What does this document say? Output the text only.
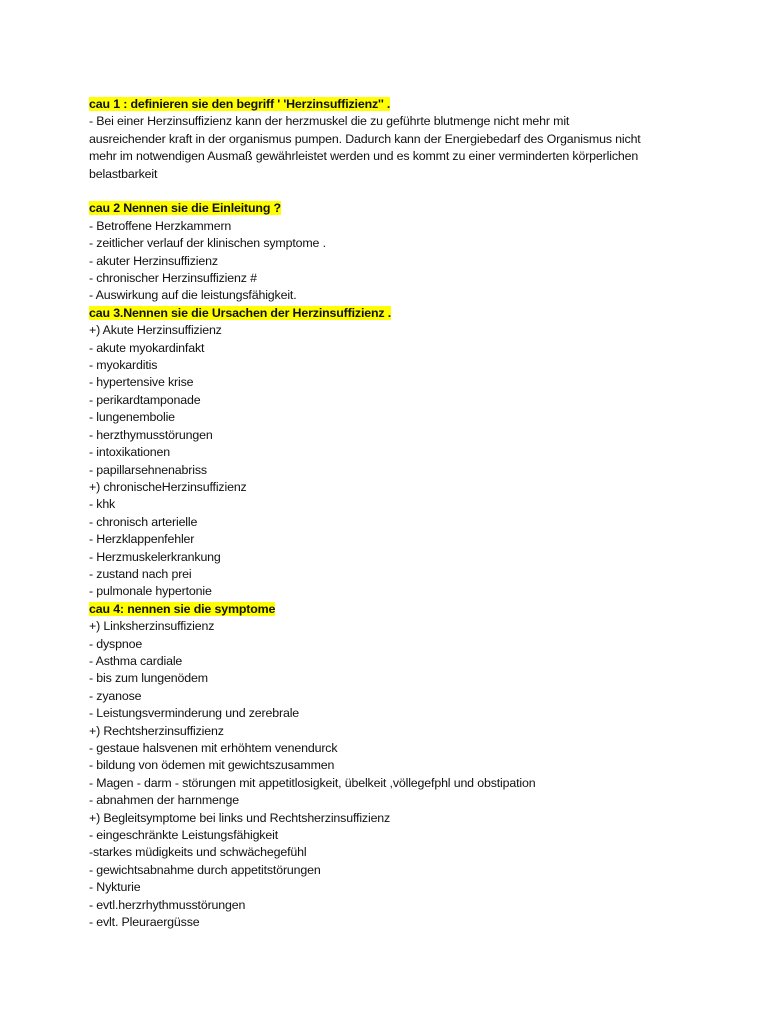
cau 1 : definieren sie den begriff ' 'Herzinsuffizienz'' .
- Bei einer Herzinsuffizienz kann der herzmuskel die zu geführte blutmenge nicht mehr mit
ausreichender kraft in der organismus pumpen. Dadurch kann der Energiebedarf des Organismus nicht
mehr im notwendigen Ausmaß gewährleistet werden und es kommt zu einer verminderten körperlichen
belastbarkeit
cau 2 Nennen sie die Einleitung ?
- Betroffene Herzkammern
- zeitlicher verlauf der klinischen symptome .
- akuter Herzinsuffizienz
- chronischer Herzinsuffizienz #
- Auswirkung auf die leistungsfähigkeit.
cau 3.Nennen sie die Ursachen der Herzinsuffizienz .
+) Akute Herzinsuffizienz
- akute myokardinfakt
- myokarditis
- hypertensive krise
- perikardtamponade
- lungenembolie
- herzthymusstörungen
- intoxikationen
- papillarsehnenabriss
+) chronischeHerzinsuffizienz
- khk
- chronisch arterielle
- Herzklappenfehler
- Herzmuskelerkrankung
- zustand nach prei
- pulmonale hypertonie
cau 4: nennen sie die symptome
+) Linksherzinsuffizienz
- dyspnoe
- Asthma cardiale
- bis zum lungenödem
- zyanose
- Leistungsverminderung und zerebrale
+) Rechtsherzinsuffizienz
- gestaue halsvenen mit erhöhtem venendurck
- bildung von ödemen mit gewichtszusammen
- Magen - darm - störungen mit appetitlosigkeit, übelkeit ,völlegefphl und obstipation
- abnahmen der harnmenge
+) Begleitsymptome bei links und Rechtsherzinsuffizienz
- eingeschränkte Leistungsfähigkeit
-starkes müdigkeits und schwächegefühl
- gewichtsabnahme durch appetitstörungen
- Nykturie
- evtl.herzrhythmusstörungen
- evlt. Pleuraergüsse
